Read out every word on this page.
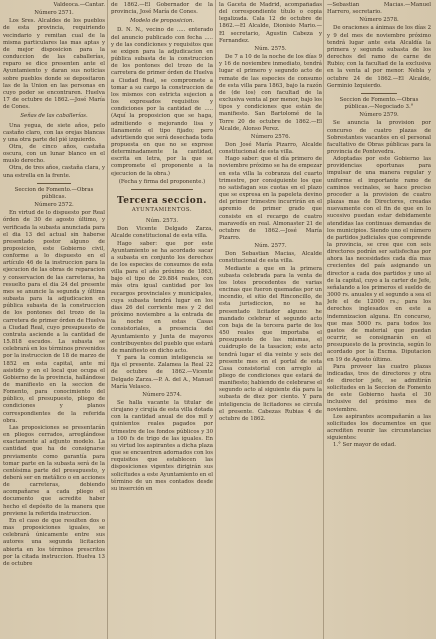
Valdeoca.—Cantar.

Número 2571.

Los Sres. Alcaldes de los pueblos de esta provincia, requiriendo vecindario y remitan cual de la misma particulares las mas aptas y de mejor disposicion para la conduccion de las caballerías, reparo se dice presenten ante el Ayuntamiento y daran sus noticias sobre pueblos donde se depositaron las de la Union en las personas en cuyo poder se encontraren. Huelva 17 de octubre de 1862.—José María de Cones.

Señas de las caballerías.

Una yegua, de siete años, pelo castaño claro, con las orejas blancas y una otra parte del pié izquierdo.

Otra, de cinco años, castaña oscura, con un lunar blanco en el muslo derecho.

Otra, de tres años, castaña clara, y una estrella en la frente.

Seccion de Fomento.—Obras públicas.
Número 2572.

En virtud de lo dispuesto por Real órden de 30 de agosto último, y verificada la subasta anunciada para el dia 13 del actual sin haberse presentado postor alguno de proposicion, este Gobierno civil, conforme a lo dispuesto en el artículo 46 de la instruccion para la ejecucion de las obras de reparacion y conservacion de las carreteras, ha resuelto para el dia 24 del presente mes se anuncie la segunda y última subasta para la adjudicacion en pública subasta de la construccion de los pontones del trozo de la carretera de primer órden de Huelva a Ciudad Real, cuyo presupuesto de contrata asciende a la cantidad de 15.818 escudos. La subasta se celebrará en los términos prevenidos por la instruccion de 18 de marzo de 1852 en esta capital, ante mí asistido y en el local que ocupa el Gobierno de la provincia, hallándose de manifiesto en la seccion de Fomento, para conocimiento del público, el presupuesto, pliego de condiciones y planos correspondientes de la referida obra.

Las proposiciones se presentarán en pliegos cerrados, arreglándose exactamente al adjunto modelo. La cantidad que ha de consignarse previamente como garantía para tomar parte en la subasta será de la centésima parte del presupuesto, y deberá ser en metálico o en acciones de carreteras, debiendo acompañarse a cada pliego el documento que acredite haber hecho el depósito de la manera que previene la referida instruccion.

En el caso de que resulten dos o mas proposiciones iguales, se celebrará únicamente entre sus autores una segunda licitacion abierta en los términos prescritos por la citada instruccion. Huelva 13 de octubre

de 1862.—El Gobernador de la provincia, José María de Cones.

Modelo de proposicion.

D. N. N., vecino de ..... enterado del anuncio publicado con fecha ..... y de las condiciones y requisitos que se exigen para la adjudicacion en pública subasta de la construccion de los pontones del trozo de la carretera de primer órden de Huelva a Ciudad Real, se compromete a tomar a su cargo la construccion de los mismos con estricta sujecion a los expresados requisitos y condiciones por la cantidad de ..... (Aquí la proposicion que se haga, admitiendo o mejorando lisa y llanamente el tipo fijado; pero advirtiendo que será desechada toda propuesta en que no se exprese determinadamente la cantidad, escrita en letra, por la que se compromete el proponente a la ejecucion de la obra.)

(Fecha y firma del proponente.)
Tercera seccion.
AYUNTAMIENTOS.
Núm. 2573.

Don Vicente Delgado Zarza, Alcalde constitucional de esta villa.

Hago saber: que por este Ayuntamiento se ha acordado sacar a subasta en conjunto los derechos de los especies de consumos de esta villa para el año próximo de 1863, bajo el tipo de 29.884 reales, con más otra igual cantidad por los recargos provinciales y municipales, cuya subasta tendrá lugar en los dias 26 del corriente mes y 2 del próximo noviembre a la entrada de la noche en estas Casas consistoriales, a presencia del Ayuntamiento y Junta de mayores contribuyentes del pueblo que estará de manifiesto en dicho acto.

Y para la comun inteligencia se fija el presente. Zalamea la Real 22 de octubre de 1862.—Vicente Delgado Zarza.—P. A. del A., Manuel María Velasco.

Número 2574.

Se halla vacante la titular de cirujano y cirujía de esta villa dotada con la cantidad anual de dos mil y quinientos reales pagados por trimestre de los fondos públicos y 30 a 100 fs de trigo de las iguales. En su virtud los aspirantes a dicha plaza que se encuentren adornados con los requisitos que establecen las disposiciones vigentes dirigirán sus solicitudes a este Ayuntamiento en el término de un mes contados desde su inserción en

la Gaceta de Madrid, acompañadas del correspondiente título o copia legalizada. Cala 12 de octubre de 1862.—El Alcalde, Dionisio Mario.—El secretario, Agustin Cabeza y Fernandez.

Núm. 2575.

De 7 a 10 de la noche de los días 9 y 16 de noviembre inmediato, tendrá lugar el primero y segundo acto de remate de las especies de consumo de esta villa para 1863, bajo la razón de (de los) con facultad de la exclusiva venta al por menor, bajo los tipos y condiciones que están de manifiesto. San Bartolomé de la Torre 20 de octubre de 1862.—El Alcalde, Alonso Perez.

Número 2576.

Don José María Pizarro, Alcalde constitucional de esta villa.

Hago saber: que el día primero de noviembre próximo se ha de empezar en esta villa la cobranza del cuarto trimestre, por consiguiente los que no satisfagan sus cuotas en el plazo que se expresa en la papeleta devino del primer trimestre incurrirán en el apremio de primer grado que consiste en el recargo de cuatro maravedís en real. Almonaster 21 de octubre de 1862.—José María Pizarro.

Núm. 2577.

Don Sebastian Macias, Alcalde constitucional de esta villa.

Mediante a que en la primera subasta celebrada para la venta de los lotes procedentes de varias encinas que fueron quemadas por un incendio, el sitio del Rinconcillo, de esta jurisdiccion, no se ha presentado licitador alguno: he mandado celebrar el segundo acto con baja de la tercera parte de los 450 reales que importaba el presupuesto de las mismas, el cuádruplo de la tasacion; este acto tendrá lugar el dia veinte y seis del presente mes en el portal de esta Casa consistorial con arreglo al pliego de condiciones que estará de manifiesto; habiendo de celebrarse el segundo acto al siguiente día para la subasta de diez por ciento. Y para inteligencia de licitadores se circula el presente. Cabezas Rubias 4 de octubre de 1862.

—Sebastian Macías.—Manuel Harrero, secretario.

Número 2578.

De oraciones a ánimas de los días 2 y 9 del mes de noviembre próximo tendrá lugar ante esta Alcaldía la primera y segunda subasta de los derechos del ramo de carne de Rubio; con la facultad de la exclusiva en la venta al por menor. Nebla y octubre 24 de 1862.—El Alcalde, Germinio Izquierdo.

Seccion de Fomento.—Obras públicas.—Negociado 3.°
Número 2579.

Se anuncia la provision por concurso de cuatro plazas de Sobrestantes vacantes en el personal facultativo de Obras públicas para la provincia de Pontevedra.

Adoptadas por este Gobierno las providencias oportunas para impulsar de una manera regular y uniforme el importante ramo de caminos vecinales, se hace preciso proceder a la provision de cuatro plazas mas de Directores, creadas nuevamente con el fin de que en lo sucesivo puedan estar debidamente atendidas las continuas demandas de los municipios. Siendo uno el número de partidos judiciales que comprende la provincia, se cree que con seis directores podrán ser satisfechas por ahora las necesidades cada día mas crecientes del país asignando un director a cada dos partidos y uno al de la capital, cuyo a la carter de Jefe, señalando a los primeros el sueldo de 3000 rs. anuales y el segundo a sea el Jefe el de 12000 rs.; para los derechos inglesados en este a indemnizacion alguna. En concurso, que mas 5000 rs. para todos los gastos de material que puedan ocurrir, se consignarán en el presupuesto de la provincia, según lo acordado por la Excma. Diputacion en 19 de Agosto último.

Para proveer las cuatro plazas indicadas, tres de directores y otra de director jefe, se admitirán solicitudes en la Seccion de Fomento de este Gobierno hasta el 30 inclusive del próximo mes de noviembre.

Los aspirantes acompañarán a las solicitudes los documentos en que acrediten reunir las circunstancias siguientes:

1.° Ser mayor de edad.
